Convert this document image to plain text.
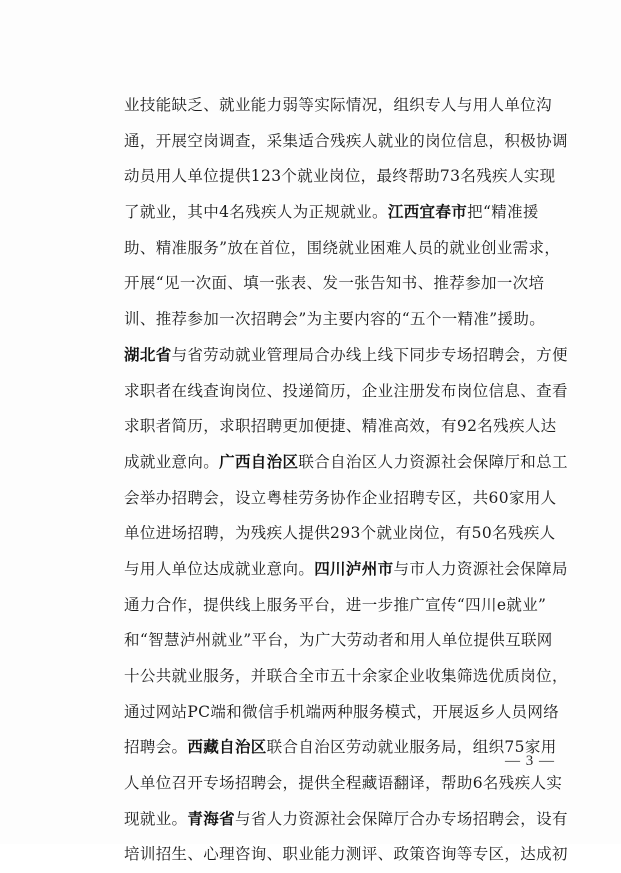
业技能缺乏、就业能力弱等实际情况，组织专人与用人单位沟
通，开展空岗调查，采集适合残疾人就业的岗位信息，积极协调
动员用人单位提供123个就业岗位，最终帮助73名残疾人实现
了就业，其中4名残疾人为正规就业。江西宜春市把“精准援
助、精准服务”放在首位，围绕就业困难人员的就业创业需求，
开展“见一次面、填一张表、发一张告知书、推荐参加一次培
训、推荐参加一次招聘会”为主要内容的“五个一精准”援助。
湖北省与省劳动就业管理局合办线上线下同步专场招聘会，方便
求职者在线查询岗位、投递简历，企业注册发布岗位信息、查看
求职者简历，求职招聘更加便捷、精准高效，有92名残疾人达
成就业意向。广西自治区联合自治区人力资源社会保障厅和总工
会举办招聘会，设立粤桂劳务协作企业招聘专区，共60家用人
单位进场招聘，为残疾人提供293个就业岗位，有50名残疾人
与用人单位达成就业意向。四川泸州市与市人力资源社会保障局
通力合作，提供线上服务平台，进一步推广宣传“四川e就业”
和“智慧泸州就业”平台，为广大劳动者和用人单位提供互联网
十公共就业服务，并联合全市五十余家企业收集筛选优质岗位，
通过网站PC端和微信手机端两种服务模式，开展返乡人员网络
招聘会。西藏自治区联合自治区劳动就业服务局，组织75家用
人单位召开专场招聘会，提供全程藏语翻译，帮助6名残疾人实
现就业。青海省与省人力资源社会保障厅合办专场招聘会，设有
培训招生、心理咨询、职业能力测评、政策咨询等专区，达成初
— 3 —
